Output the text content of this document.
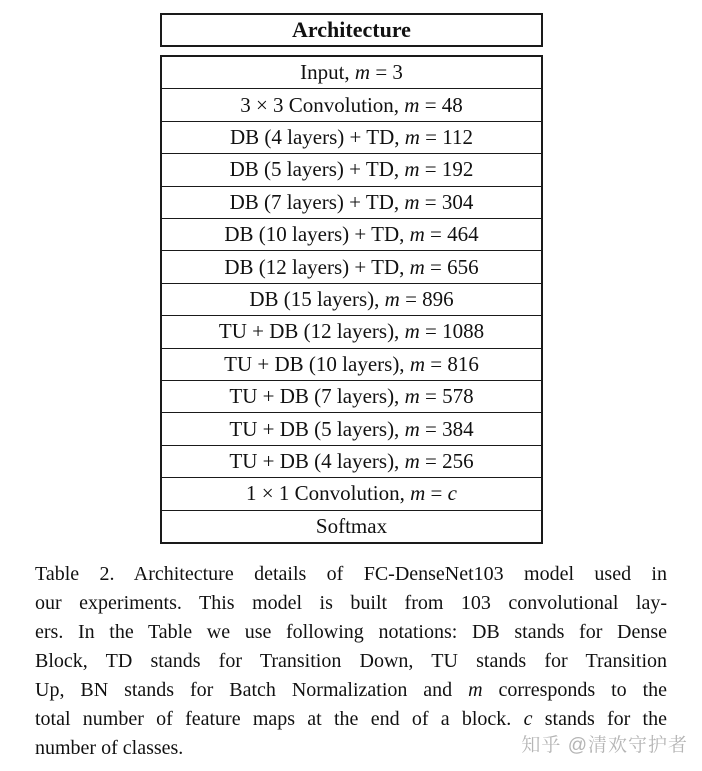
Architecture
Input, m = 3
3 × 3 Convolution, m = 48
DB (4 layers) + TD, m = 112
DB (5 layers) + TD, m = 192
DB (7 layers) + TD, m = 304
DB (10 layers) + TD, m = 464
DB (12 layers) + TD, m = 656
DB (15 layers), m = 896
TU + DB (12 layers), m = 1088
TU + DB (10 layers), m = 816
TU + DB (7 layers), m = 578
TU + DB (5 layers), m = 384
TU + DB (4 layers), m = 256
1 × 1 Convolution, m = c
Softmax
Table 2. Architecture details of FC-DenseNet103 model used in
our experiments. This model is built from 103 convolutional lay-
ers. In the Table we use following notations: DB stands for Dense
Block, TD stands for Transition Down, TU stands for Transition
Up, BN stands for Batch Normalization and m corresponds to the
total number of feature maps at the end of a block. c stands for the
number of classes.	知乎 @清欢守护者
